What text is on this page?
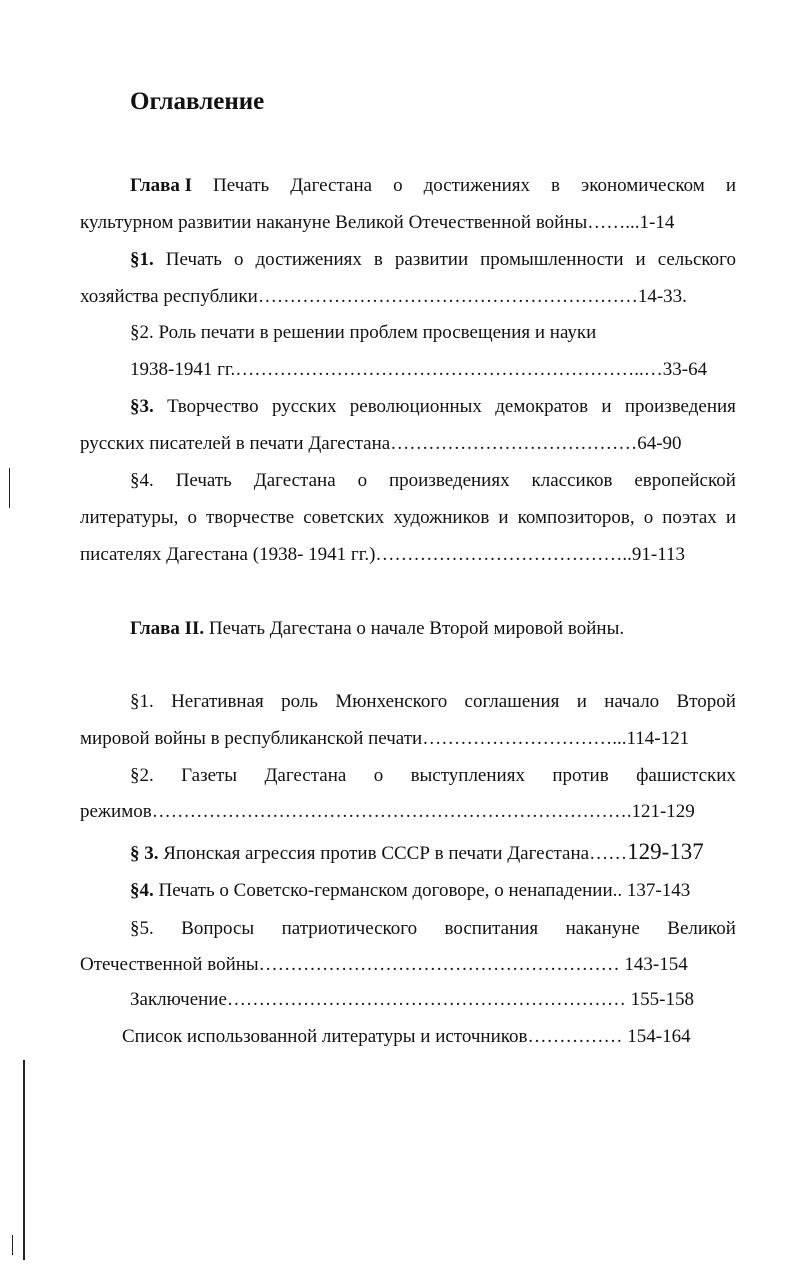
Оглавление
Глава I Печать Дагестана о достижениях в экономическом и
культурном развитии накануне Великой Отечественной войны……...1-14
§1. Печать о достижениях в развитии промышленности и сельского
хозяйства республики……………………………………………………14-33.
§2. Роль печати в решении проблем просвещения и науки
1938-1941 гг.………………………………………………………..…33-64
§3. Творчество русских революционных демократов и произведения
русских писателей в печати Дагестана…………………………………64-90
§4. Печать Дагестана о произведениях классиков европейской
литературы, о творчестве советских художников и композиторов, о поэтах и
писателях Дагестана (1938- 1941 гг.)…………………………………..91-113
Глава II. Печать Дагестана о начале Второй мировой войны.
§1. Негативная роль Мюнхенского соглашения и начало Второй
мировой войны в республиканской печати…………………………...114-121
§2. Газеты Дагестана о выступлениях против фашистских
режимов………………………………………………………………….121-129
§ 3. Японская агрессия против СССР в печати Дагестана……129-137
§4. Печать о Советско-германском договоре, о ненападении.. 137-143
§5. Вопросы патриотического воспитания накануне Великой
Отечественной войны………………………………………………… 143-154
Заключение……………………………………………………… 155-158
Список использованной литературы и источников…………… 154-164
